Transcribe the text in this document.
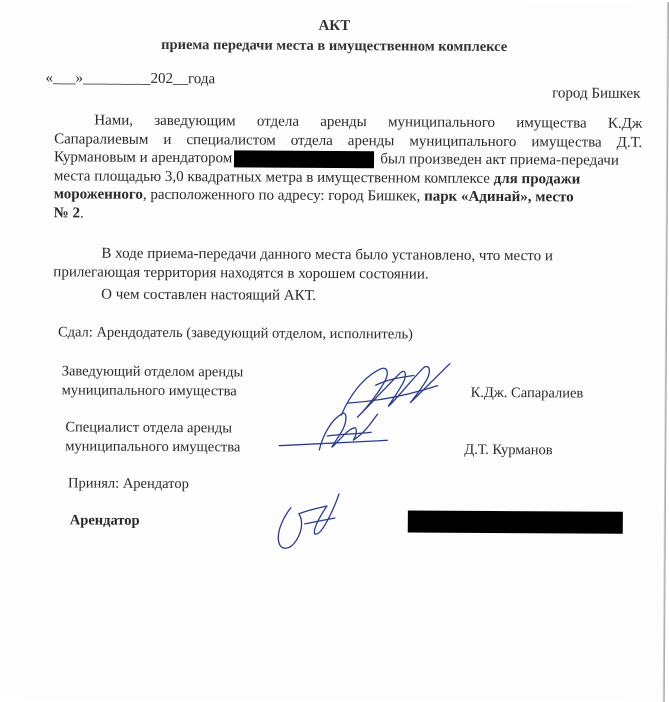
АКТ
приема передачи места в имущественном комплексе
«___»_________202__года
город Бишкек
Нами, заведующим отдела аренды муниципального имущества К.Дж
Сапаралиевым и специалистом отдела аренды муниципального имущества Д.Т.
Курмановым и арендатором	был произведен акт приема-передачи
места площадью 3,0 квадратных метра в имущественном комплексе для продажи
мороженного, расположенного по адресу: город Бишкек, парк «Адинай», место
№ 2.
В ходе приема-передачи данного места было установлено, что место и
прилегающая территория находятся в хорошем состоянии.
О чем составлен настоящий АКТ.
Сдал: Арендодатель (заведующий отделом, исполнитель)
Заведующий отделом аренды
муниципального имущества	К.Дж. Сапаралиев
Специалист отдела аренды
муниципального имущества	Д.Т. Курманов
Принял: Арендатор
Арендатор
